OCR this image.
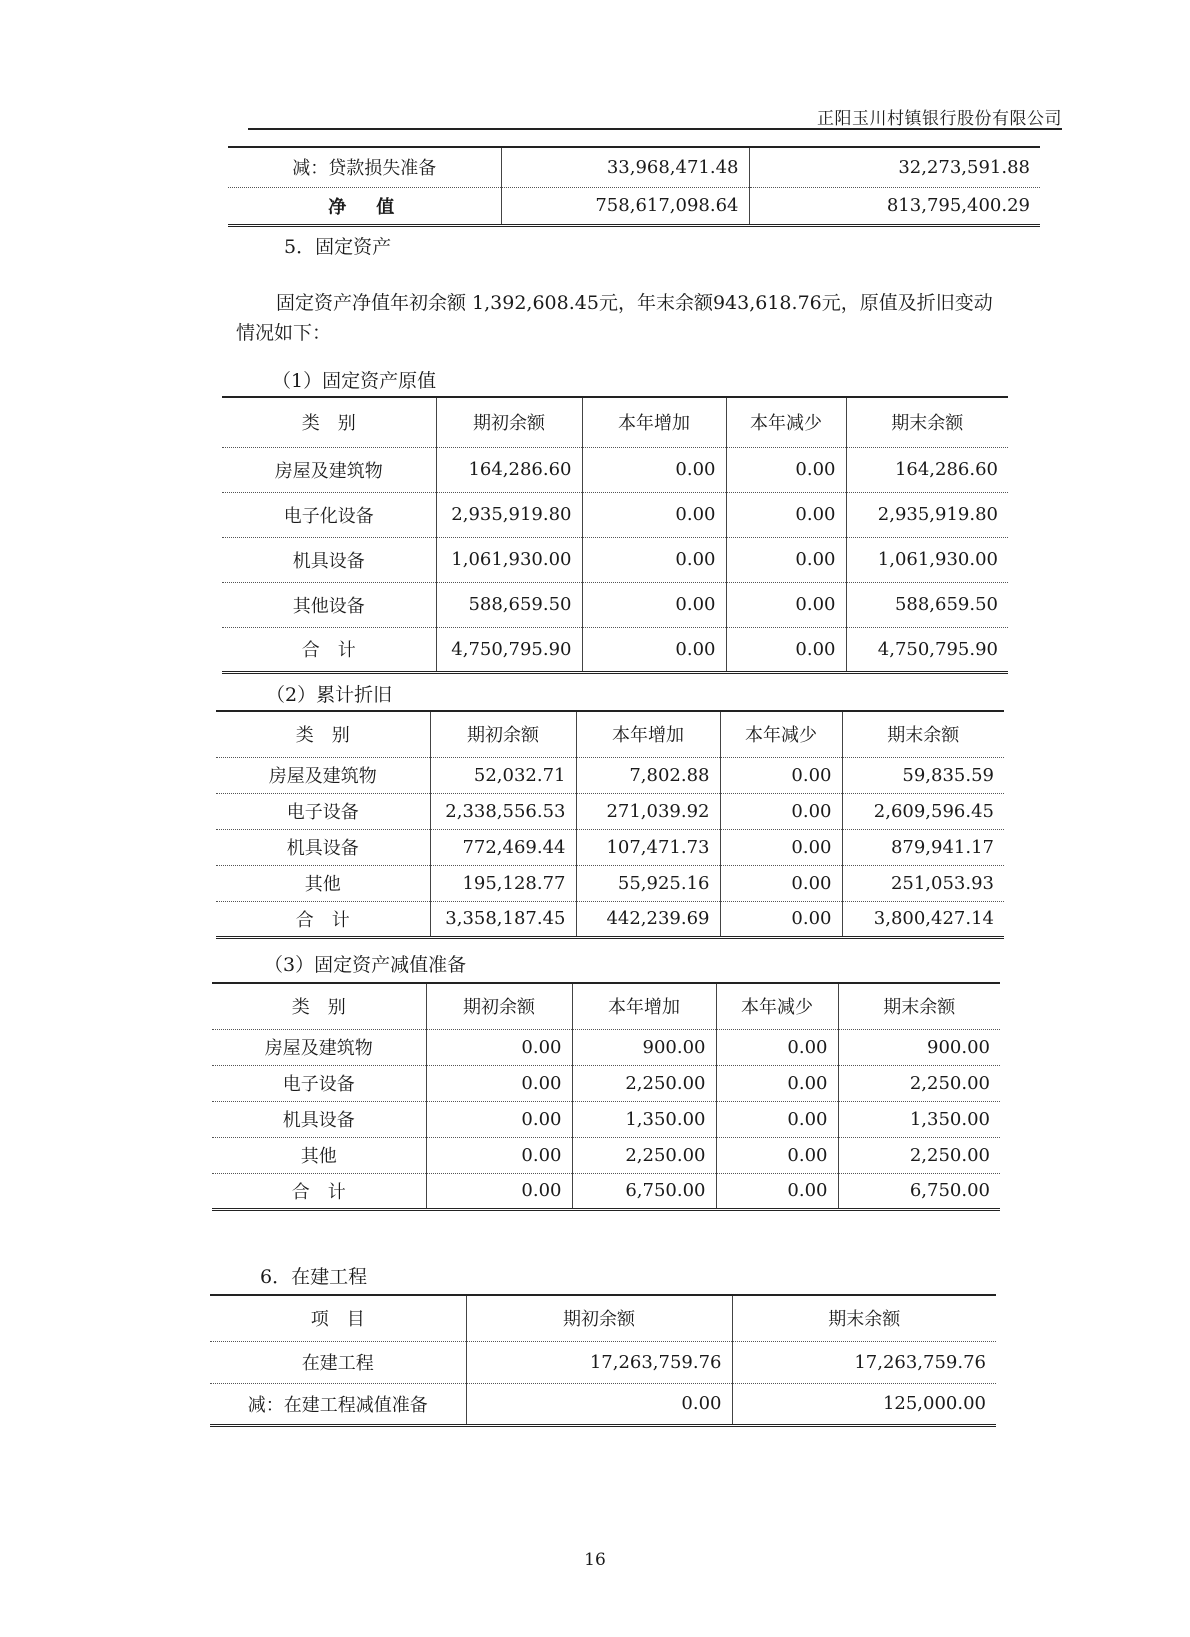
正阳玉川村镇银行股份有限公司
减：贷款损失准备	33,968,471.48	32,273,591.88
净　值	758,617,098.64	813,795,400.29
5．固定资产
固定资产净值年初余额 1,392,608.45元，年末余额943,618.76元，原值及折旧变动
情况如下：
（1）固定资产原值
类　别	期初余额	本年增加	本年减少	期末余额
房屋及建筑物	164,286.60	0.00	0.00	164,286.60
电子化设备	2,935,919.80	0.00	0.00	2,935,919.80
机具设备	1,061,930.00	0.00	0.00	1,061,930.00
其他设备	588,659.50	0.00	0.00	588,659.50
合　计	4,750,795.90	0.00	0.00	4,750,795.90
（2）累计折旧
类　别	期初余额	本年增加	本年减少	期末余额
房屋及建筑物	52,032.71	7,802.88	0.00	59,835.59
电子设备	2,338,556.53	271,039.92	0.00	2,609,596.45
机具设备	772,469.44	107,471.73	0.00	879,941.17
其他	195,128.77	55,925.16	0.00	251,053.93
合　计	3,358,187.45	442,239.69	0.00	3,800,427.14
（3）固定资产减值准备
类　别	期初余额	本年增加	本年减少	期末余额
房屋及建筑物	0.00	900.00	0.00	900.00
电子设备	0.00	2,250.00	0.00	2,250.00
机具设备	0.00	1,350.00	0.00	1,350.00
其他	0.00	2,250.00	0.00	2,250.00
合　计	0.00	6,750.00	0.00	6,750.00
6．在建工程
项　目	期初余额	期末余额
在建工程	17,263,759.76	17,263,759.76
减：在建工程减值准备	0.00	125,000.00
16
